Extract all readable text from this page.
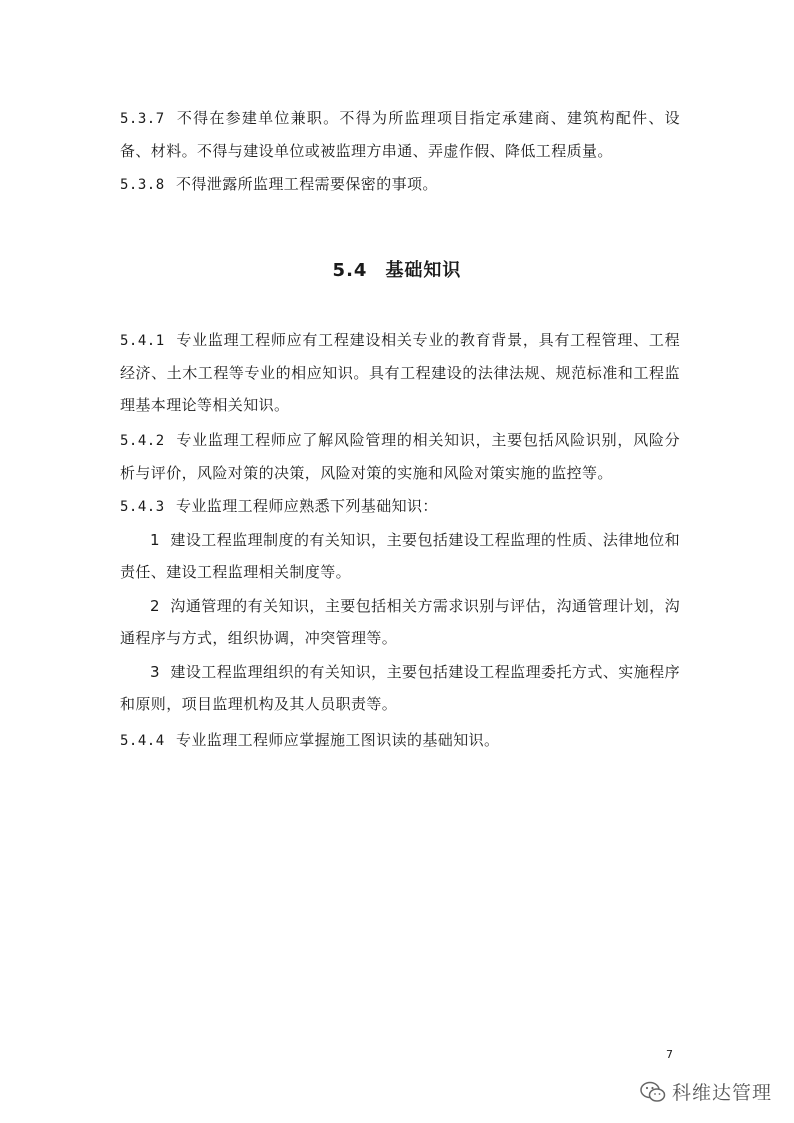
5.3.7 不得在参建单位兼职。不得为所监理项目指定承建商、建筑构配件、设备、材料。不得与建设单位或被监理方串通、弄虚作假、降低工程质量。

5.3.8 不得泄露所监理工程需要保密的事项。

5.4 基础知识

5.4.1 专业监理工程师应有工程建设相关专业的教育背景，具有工程管理、工程经济、土木工程等专业的相应知识。具有工程建设的法律法规、规范标准和工程监理基本理论等相关知识。

5.4.2 专业监理工程师应了解风险管理的相关知识，主要包括风险识别，风险分析与评价，风险对策的决策，风险对策的实施和风险对策实施的监控等。

5.4.3 专业监理工程师应熟悉下列基础知识：

1 建设工程监理制度的有关知识，主要包括建设工程监理的性质、法律地位和责任、建设工程监理相关制度等。

2 沟通管理的有关知识，主要包括相关方需求识别与评估，沟通管理计划，沟通程序与方式，组织协调，冲突管理等。

3 建设工程监理组织的有关知识，主要包括建设工程监理委托方式、实施程序和原则，项目监理机构及其人员职责等。

5.4.4 专业监理工程师应掌握施工图识读的基础知识。

7
科维达管理
